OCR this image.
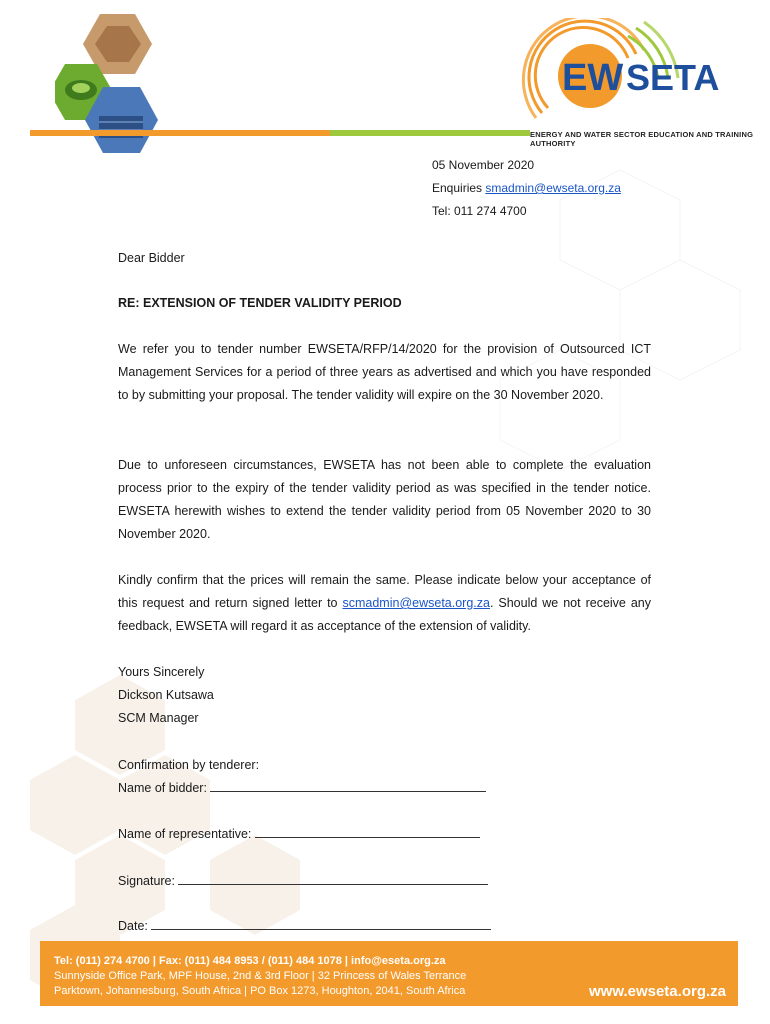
EW SETA
ENERGY AND WATER SECTOR EDUCATION AND TRAINING AUTHORITY
05 November 2020
Enquiries smadmin@ewseta.org.za
Tel: 011 274 4700
Dear Bidder
RE: EXTENSION OF TENDER VALIDITY PERIOD
We refer you to tender number EWSETA/RFP/14/2020 for the provision of Outsourced ICT Management Services for a period of three years as advertised and which you have responded to by submitting your proposal. The tender validity will expire on the 30 November 2020.
Due to unforeseen circumstances, EWSETA has not been able to complete the evaluation process prior to the expiry of the tender validity period as was specified in the tender notice. EWSETA herewith wishes to extend the tender validity period from 05 November 2020 to 30 November 2020.
Kindly confirm that the prices will remain the same. Please indicate below your acceptance of this request and return signed letter to scmadmin@ewseta.org.za. Should we not receive any feedback, EWSETA will regard it as acceptance of the extension of validity.
Yours Sincerely
Dickson Kutsawa
SCM Manager
Confirmation by tenderer:
Name of bidder:
Name of representative:
Signature:
Date:
Tel: (011) 274 4700 | Fax: (011) 484 8953 / (011) 484 1078 | info@eseta.org.za
Sunnyside Office Park, MPF House, 2nd & 3rd Floor | 32 Princess of Wales Terrance
Parktown, Johannesburg, South Africa | PO Box 1273, Houghton, 2041, South Africa	www.ewseta.org.za
